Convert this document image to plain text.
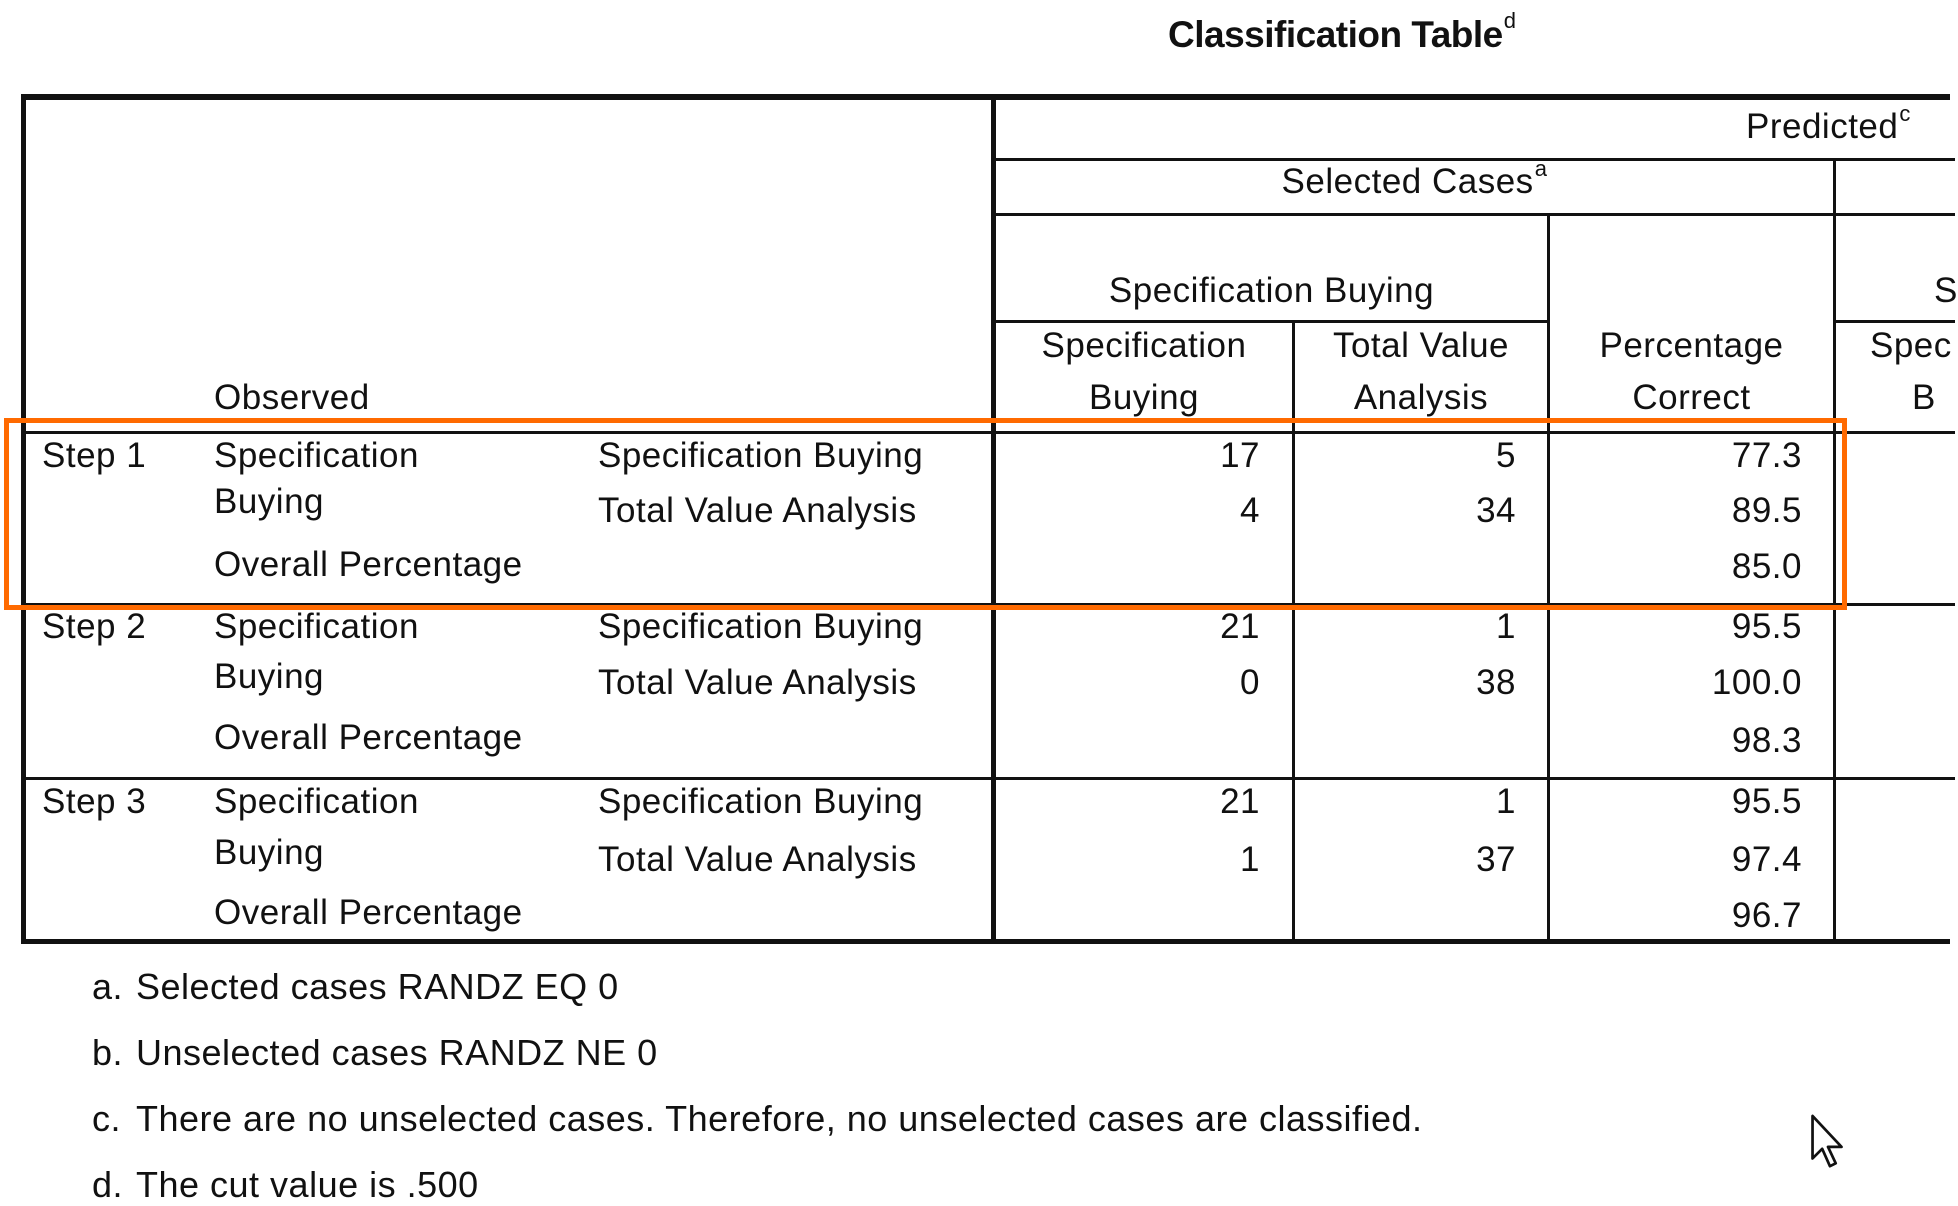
Classification Table$^d$
Predicted$^c$
Selected Cases$^a$
Specification Buying	S
Specification
Buying
Total Value
Analysis
Percentage
Correct
Spec
B
Observed
Step 1 Specification
Buying
Specification Buying
Total Value Analysis
Overall Percentage
17
4
5
34
77.3
89.5
85.0
Step 2 Specification
Buying
Specification Buying
Total Value Analysis
Overall Percentage
21
0
1
38
95.5
100.0
98.3
Step 3 Specification
Buying
Specification Buying
Total Value Analysis
Overall Percentage
21
1
1
37
95.5
97.4
96.7
a. Selected cases RANDZ EQ 0
b. Unselected cases RANDZ NE 0
c. There are no unselected cases. Therefore, no unselected cases are classified.
d. The cut value is .500
